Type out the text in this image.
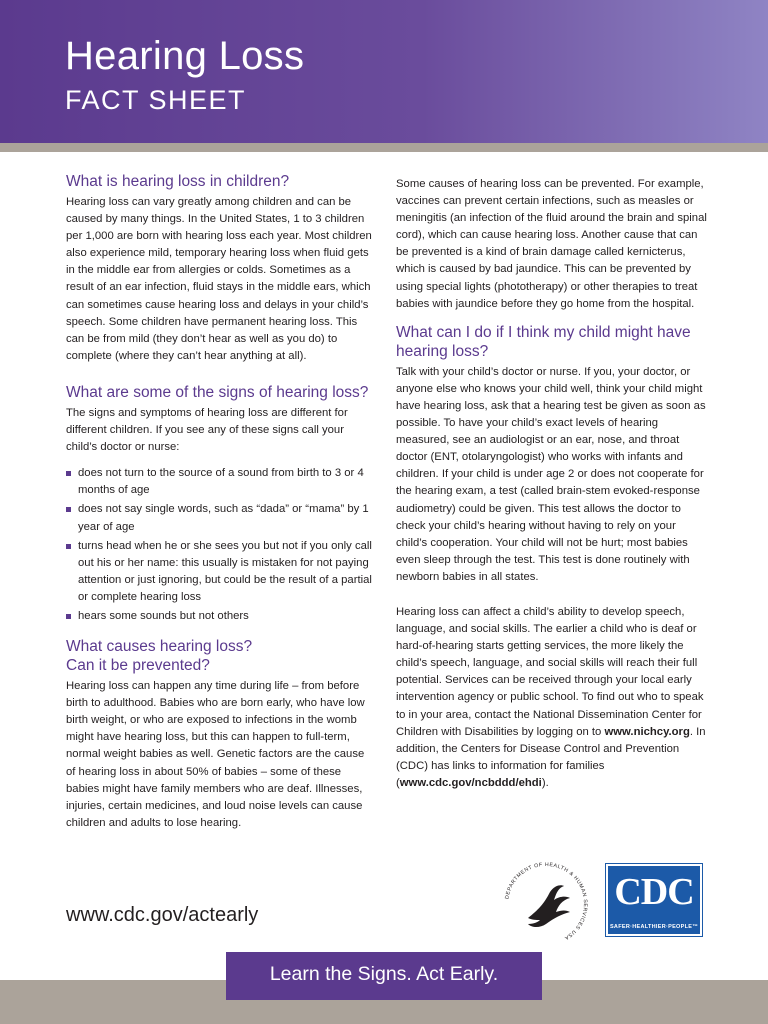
Hearing Loss
FACT SHEET
What is hearing loss in children?

Hearing loss can vary greatly among children and can be caused by many things. In the United States, 1 to 3 children per 1,000 are born with hearing loss each year. Most children also experience mild, temporary hearing loss when fluid gets in the middle ear from allergies or colds. Sometimes as a result of an ear infection, fluid stays in the middle ears, which can sometimes cause hearing loss and delays in your child’s speech. Some children have permanent hearing loss. This can be from mild (they don’t hear as well as you do) to complete (where they can’t hear anything at all).

What are some of the signs of hearing loss?

The signs and symptoms of hearing loss are different for different children. If you see any of these signs call your child’s doctor or nurse:

does not turn to the source of a sound from birth to 3 or 4 months of age
does not say single words, such as “dada” or “mama” by 1 year of age
turns head when he or she sees you but not if you only call out his or her name: this usually is mistaken for not paying attention or just ignoring, but could be the result of a partial or complete hearing loss
hears some sounds but not others
What causes hearing loss?
Can it be prevented?

Hearing loss can happen any time during life – from before birth to adulthood. Babies who are born early, who have low birth weight, or who are exposed to infections in the womb might have hearing loss, but this can happen to full-term, normal weight babies as well. Genetic factors are the cause of hearing loss in about 50% of babies – some of these babies might have family members who are deaf. Illnesses, injuries, certain medicines, and loud noise levels can cause children and adults to lose hearing.

Some causes of hearing loss can be prevented. For example, vaccines can prevent certain infections, such as measles or meningitis (an infection of the fluid around the brain and spinal cord), which can cause hearing loss. Another cause that can be prevented is a kind of brain damage called kernicterus, which is caused by bad jaundice. This can be prevented by using special lights (phototherapy) or other therapies to treat babies with jaundice before they go home from the hospital.

What can I do if I think my child might have hearing loss?

Talk with your child’s doctor or nurse. If you, your doctor, or anyone else who knows your child well, think your child might have hearing loss, ask that a hearing test be given as soon as possible. To have your child’s exact levels of hearing measured, see an audiologist or an ear, nose, and throat doctor (ENT, otolaryngologist) who works with infants and children. If your child is under age 2 or does not cooperate for the hearing exam, a test (called brain-stem evoked-response audiometry) could be given. This test allows the doctor to check your child’s hearing without having to rely on your child’s cooperation. Your child will not be hurt; most babies even sleep through the test. This test is done routinely with newborn babies in all states.

Hearing loss can affect a child’s ability to develop speech, language, and social skills. The earlier a child who is deaf or hard-of-hearing starts getting services, the more likely the child’s speech, language, and social skills will reach their full potential. Services can be received through your local early intervention agency or public school. To find out who to speak to in your area, contact the National Dissemination Center for Children with Disabilities by logging on to www.nichcy.org. In addition, the Centers for Disease Control and Prevention (CDC) has links to information for families (www.cdc.gov/ncbddd/ehdi).

www.cdc.gov/actearly
DEPARTMENT OF HEALTH & HUMAN SERVICES USA
CDC
SAFER·HEALTHIER·PEOPLE™
Learn the Signs. Act Early.
